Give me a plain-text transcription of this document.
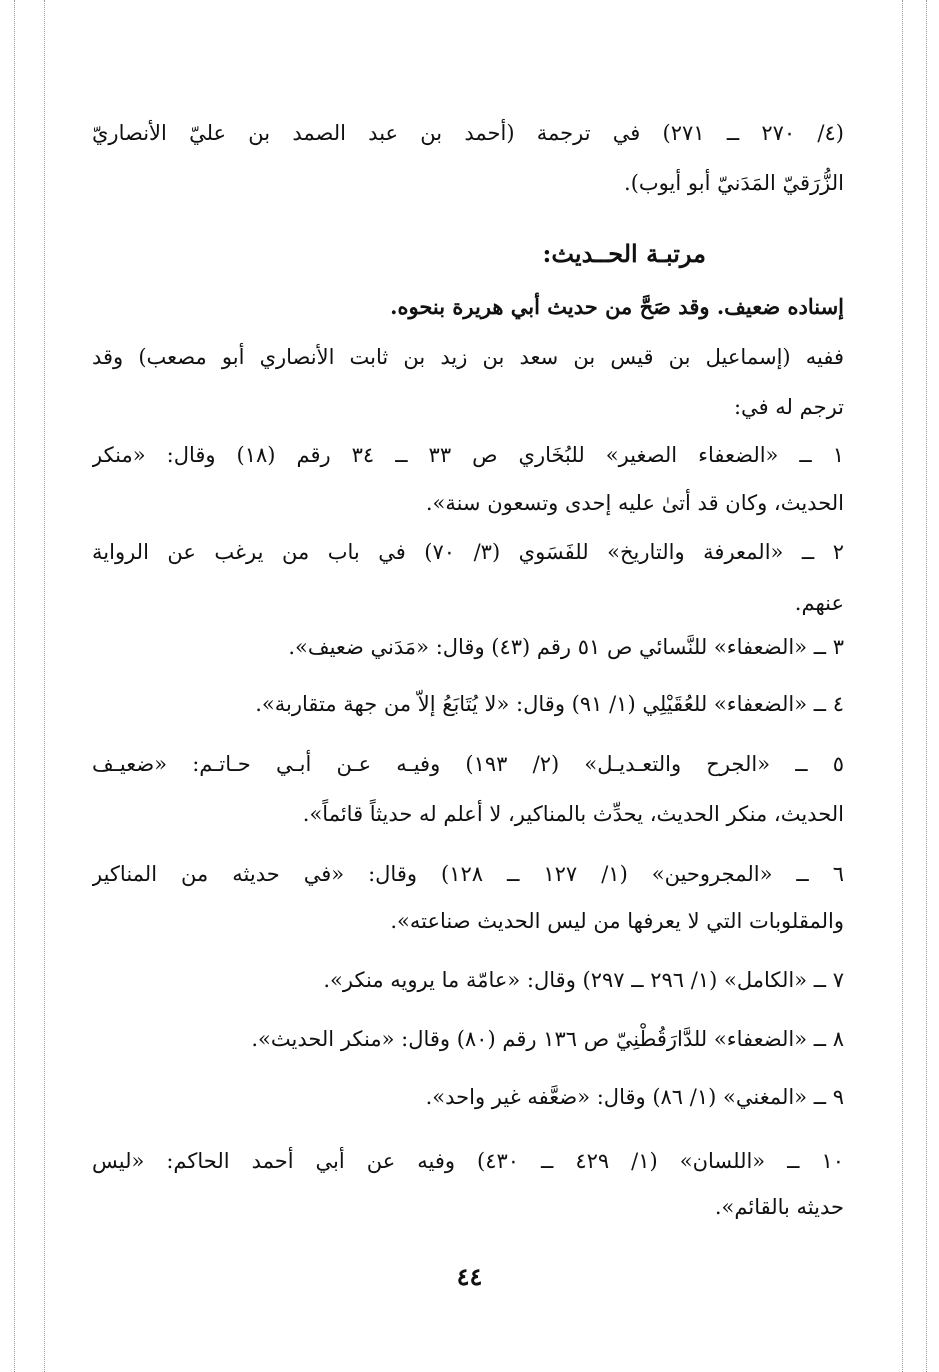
(٤/ ٢٧٠ ــ ٢٧١) في ترجمة (أحمد بن عبد الصمد بن عليّ الأنصاريّ
الزُّرَقيّ المَدَنيّ أبو أيوب).
مرتبـة الحــديث:
إسناده ضعيف. وقد صَحَّ من حديث أبي هريرة بنحوه.
ففيه (إسماعيل بن قيس بن سعد بن زيد بن ثابت الأنصاري أبو مصعب) وقد
ترجم له في:
١ ــ «الضعفاء الصغير» للبُخَاري ص ٣٣ ــ ٣٤ رقم (١٨) وقال: «منكر
الحديث، وكان قد أتىٰ عليه إحدى وتسعون سنة».
٢ ــ «المعرفة والتاريخ» للفَسَوي (٣/ ٧٠) في باب من يرغب عن الرواية
عنهم.
٣ ــ «الضعفاء» للنَّسائي ص ٥١ رقم (٤٣) وقال: «مَدَني ضعيف».
٤ ــ «الضعفاء» للعُقَيْلِي (١/ ٩١) وقال: «لا يُتَابَعُ إلاّ من جهة متقاربة».
٥ ــ «الجرح والتعـديـل» (٢/ ١٩٣) وفيـه عـن أبـي حـاتـم: «ضعيـف
الحديث، منكر الحديث، يحدِّث بالمناكير، لا أعلم له حديثاً قائماً».
٦ ــ «المجروحين» (١/ ١٢٧ ــ ١٢٨) وقال: «في حديثه من المناكير
والمقلوبات التي لا يعرفها من ليس الحديث صناعته».
٧ ــ «الكامل» (١/ ٢٩٦ ــ ٢٩٧) وقال: «عامّة ما يرويه منكر».
٨ ــ «الضعفاء» للدَّارَقُطْنِيّ ص ١٣٦ رقم (٨٠) وقال: «منكر الحديث».
٩ ــ «المغني» (١/ ٨٦) وقال: «ضعَّفه غير واحد».
١٠ ــ «اللسان» (١/ ٤٢٩ ــ ٤٣٠) وفيه عن أبي أحمد الحاكم: «ليس
حديثه بالقائم».
٤٤
